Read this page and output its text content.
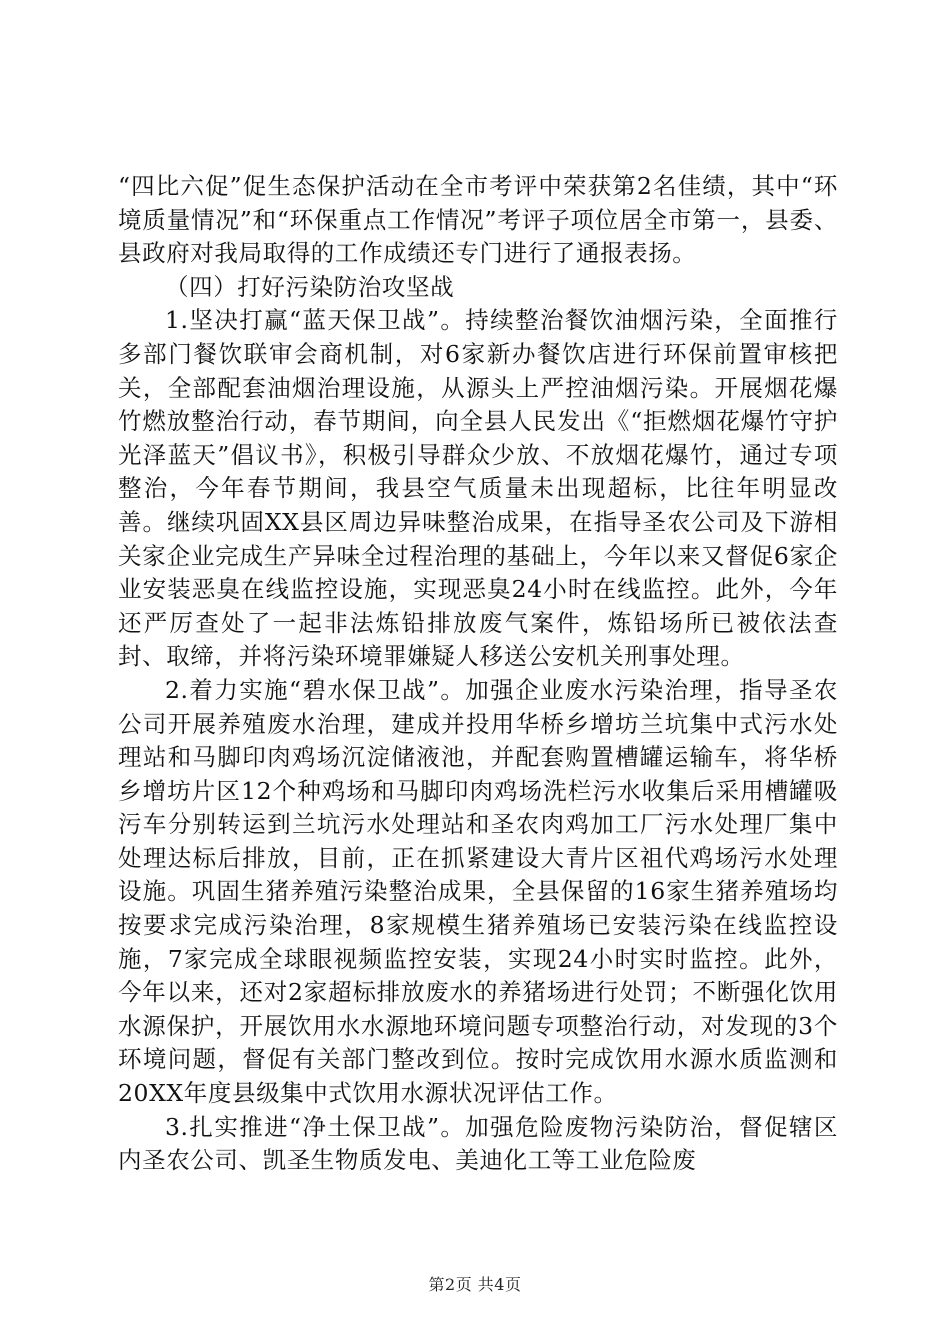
“四比六促”促生态保护活动在全市考评中荣获第2名佳绩，其中“环境质量情况”和“环保重点工作情况”考评子项位居全市第一，县委、县政府对我局取得的工作成绩还专门进行了通报表扬。

（四）打好污染防治攻坚战

1.坚决打赢“蓝天保卫战”。持续整治餐饮油烟污染，全面推行多部门餐饮联审会商机制，对6家新办餐饮店进行环保前置审核把关，全部配套油烟治理设施，从源头上严控油烟污染。开展烟花爆竹燃放整治行动，春节期间，向全县人民发出《“拒燃烟花爆竹守护光泽蓝天”倡议书》，积极引导群众少放、不放烟花爆竹，通过专项整治，今年春节期间，我县空气质量未出现超标，比往年明显改善。继续巩固XX县区周边异味整治成果，在指导圣农公司及下游相关家企业完成生产异味全过程治理的基础上，今年以来又督促6家企业安装恶臭在线监控设施，实现恶臭24小时在线监控。此外，今年还严厉查处了一起非法炼铅排放废气案件，炼铅场所已被依法查封、取缔，并将污染环境罪嫌疑人移送公安机关刑事处理。

2.着力实施“碧水保卫战”。加强企业废水污染治理，指导圣农公司开展养殖废水治理，建成并投用华桥乡增坊兰坑集中式污水处理站和马脚印肉鸡场沉淀储液池，并配套购置槽罐运输车，将华桥乡增坊片区12个种鸡场和马脚印肉鸡场洗栏污水收集后采用槽罐吸污车分别转运到兰坑污水处理站和圣农肉鸡加工厂污水处理厂集中处理达标后排放，目前，正在抓紧建设大青片区祖代鸡场污水处理设施。巩固生猪养殖污染整治成果，全县保留的16家生猪养殖场均按要求完成污染治理，8家规模生猪养殖场已安装污染在线监控设施，7家完成全球眼视频监控安装，实现24小时实时监控。此外，今年以来，还对2家超标排放废水的养猪场进行处罚；不断强化饮用水源保护，开展饮用水水源地环境问题专项整治行动，对发现的3个环境问题，督促有关部门整改到位。按时完成饮用水源水质监测和20XX年度县级集中式饮用水源状况评估工作。

3.扎实推进“净土保卫战”。加强危险废物污染防治，督促辖区内圣农公司、凯圣生物质发电、美迪化工等工业危险废

第2页 共4页
